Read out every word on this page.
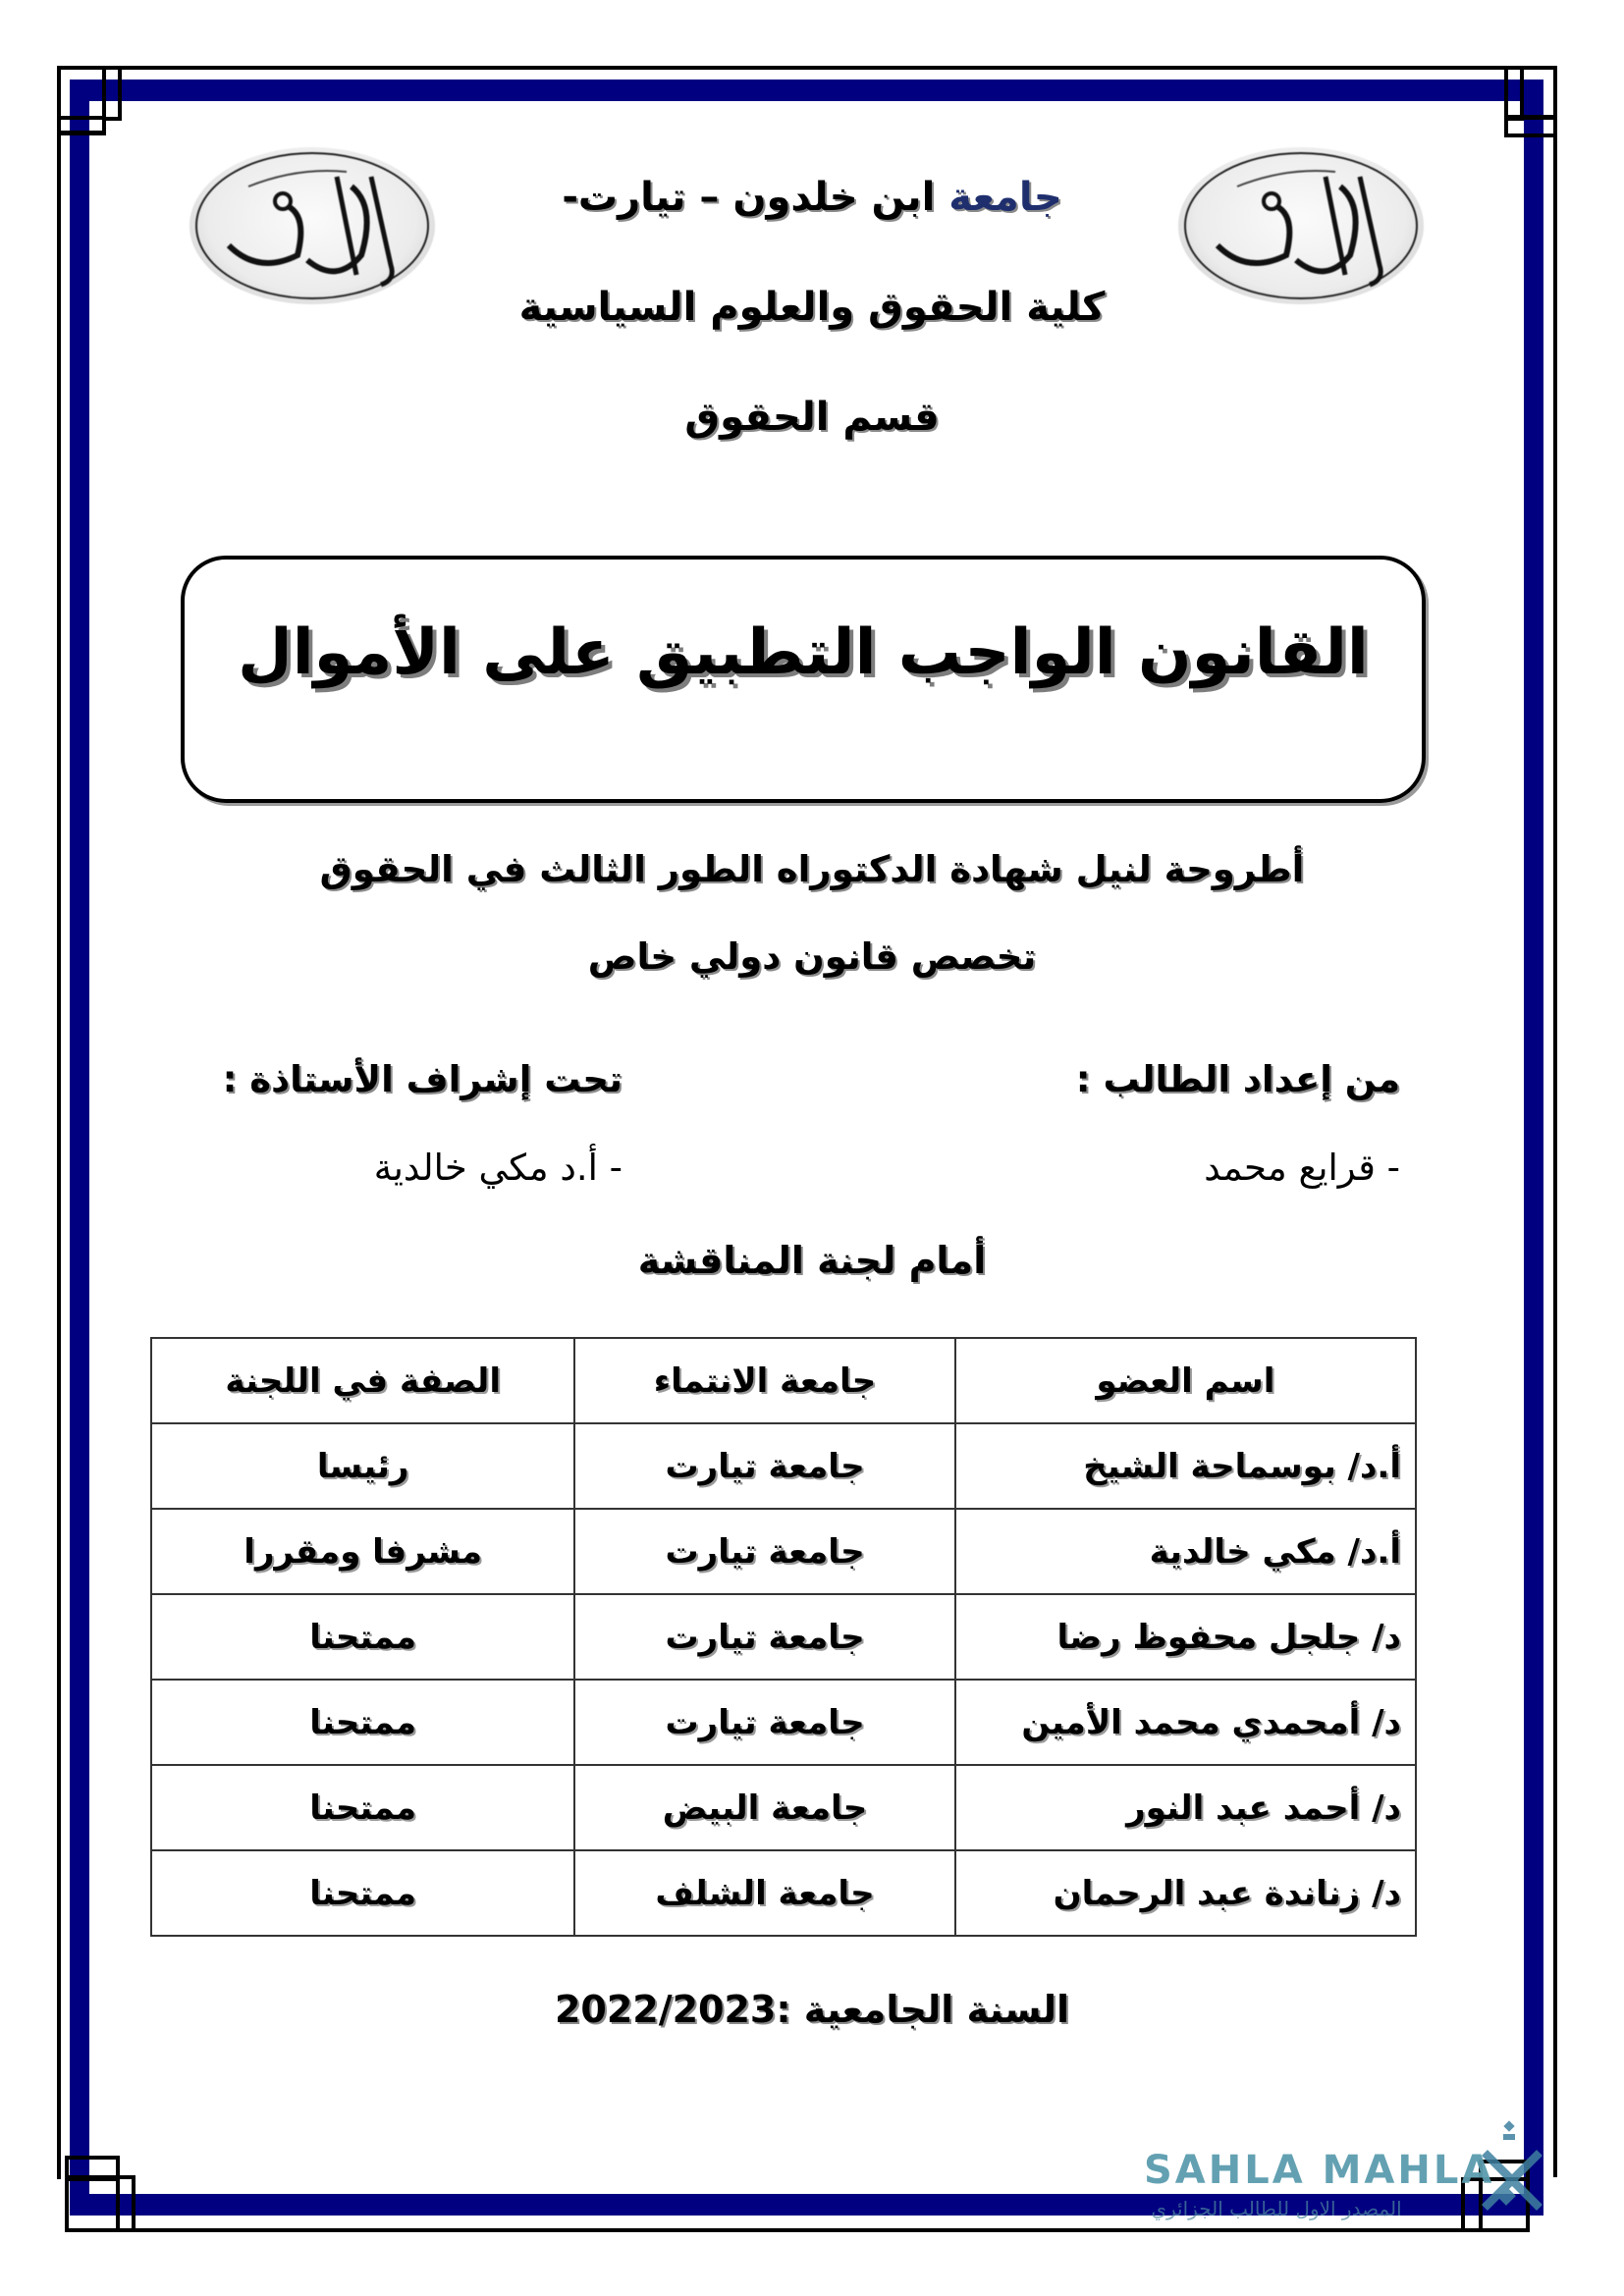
جامعة ابن خلدون – تيارت-
كلية الحقوق والعلوم السياسية
قسم الحقوق
القانون الواجب التطبيق على الأموال
أطروحة لنيل شهادة الدكتوراه الطور الثالث في الحقوق
تخصص قانون دولي خاص
من إعداد الطالب :
تحت إشراف الأستاذة :
- قرايع محمد
- أ.د مكي خالدية
أمام لجنة المناقشة
اسم العضو	جامعة الانتماء	الصفة في اللجنة
أ.د/ بوسماحة الشيخ	جامعة تيارت	رئيسا
أ.د/ مكي خالدية	جامعة تيارت	مشرفا ومقررا
د/ جلجل محفوظ رضا	جامعة تيارت	ممتحنا
د/ أمحمدي محمد الأمين	جامعة تيارت	ممتحنا
د/ أحمد عبد النور	جامعة البيض	ممتحنا
د/ زناندة عبد الرحمان	جامعة الشلف	ممتحنا
السنة الجامعية :2022/2023
SAHLA MAHLA
المصدر الاول للطالب الجزائري
